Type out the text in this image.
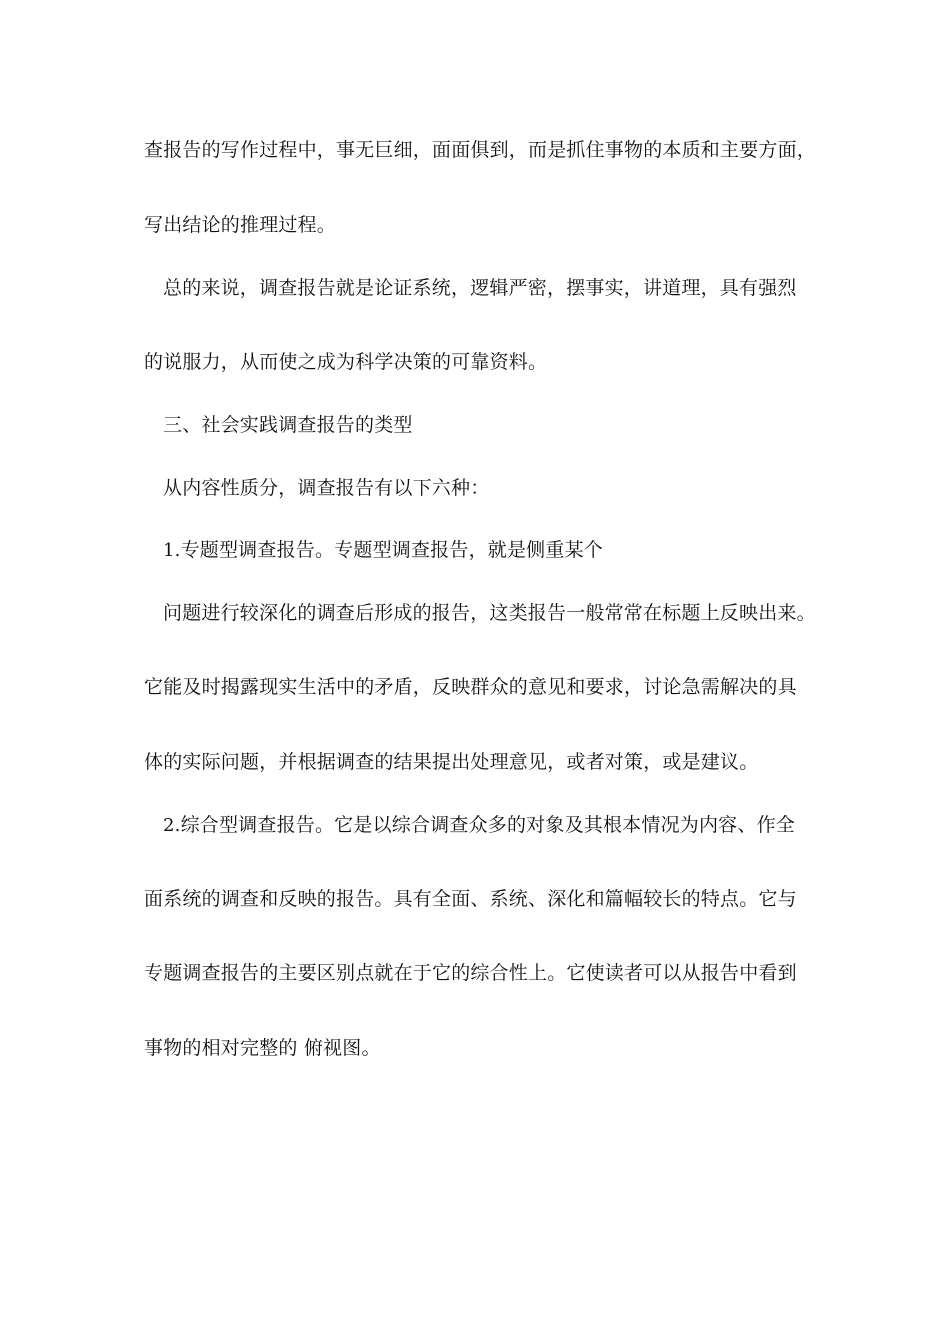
查报告的写作过程中，事无巨细，面面俱到，而是抓住事物的本质和主要方面，
写出结论的推理过程。
总的来说，调查报告就是论证系统，逻辑严密，摆事实，讲道理，具有强烈
的说服力，从而使之成为科学决策的可靠资料。
三、社会实践调查报告的类型
从内容性质分，调查报告有以下六种：
1.专题型调查报告。专题型调查报告，就是侧重某个
问题进行较深化的调查后形成的报告，这类报告一般常常在标题上反映出来。
它能及时揭露现实生活中的矛盾，反映群众的意见和要求，讨论急需解决的具
体的实际问题，并根据调查的结果提出处理意见，或者对策，或是建议。
2.综合型调查报告。它是以综合调查众多的对象及其根本情况为内容、作全
面系统的调查和反映的报告。具有全面、系统、深化和篇幅较长的特点。它与
专题调查报告的主要区别点就在于它的综合性上。它使读者可以从报告中看到
事物的相对完整的 俯视图。
